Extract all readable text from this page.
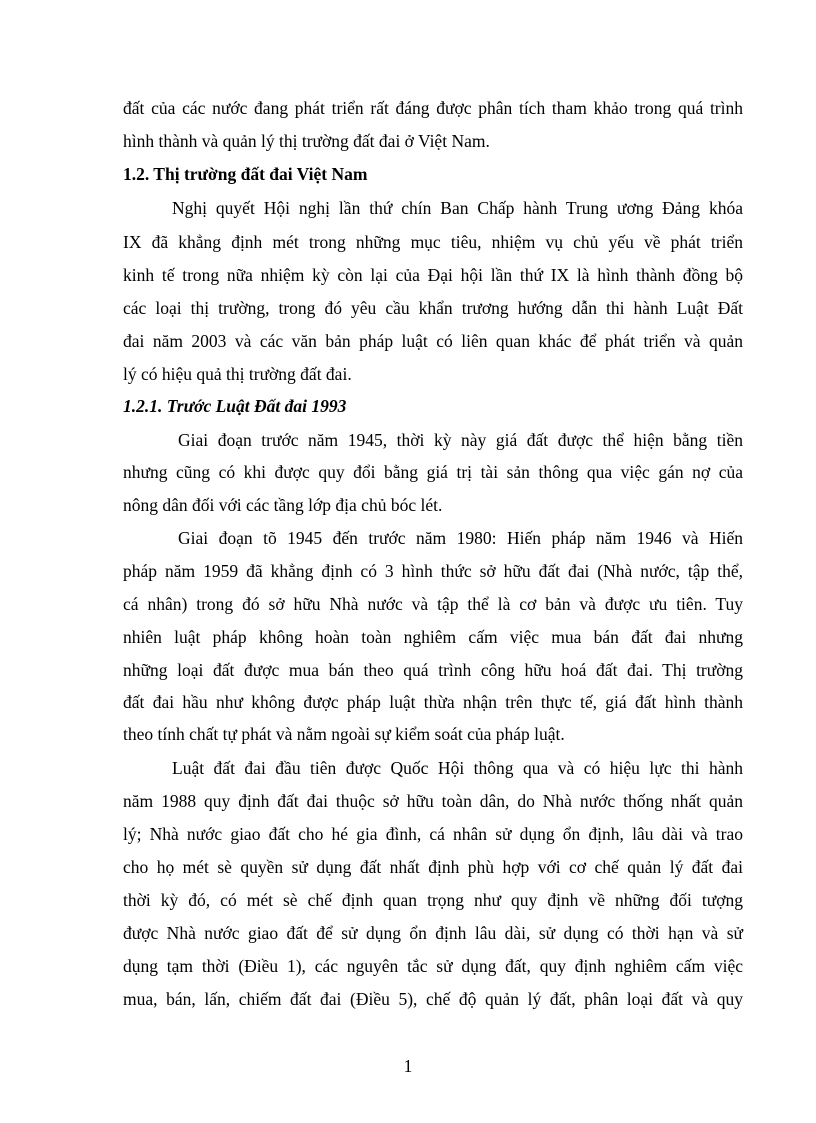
đất của các nước đang phát triển rất đáng được phân tích tham khảo trong quá trình
hình thành và quản lý thị trường đất đai ở Việt Nam.
1.2. Thị trường đất đai Việt Nam
Nghị quyết Hội nghị lần thứ chín Ban Chấp hành Trung ương Đảng khóa
IX đã khẳng định mét trong những mục tiêu, nhiệm vụ chủ yếu về phát triển
kinh tế trong nữa nhiệm kỳ còn lại của Đại hội lần thứ IX là hình thành đồng bộ
các loại thị trường, trong đó yêu cầu khẩn trương hướng dẫn thi hành Luật Đất
đai năm 2003 và các văn bản pháp luật có liên quan khác để phát triển và quản
lý có hiệu quả thị trường đất đai.
1.2.1. Trước Luật Đất đai 1993
Giai đoạn trước năm 1945, thời kỳ này giá đất được thể hiện bằng tiền
nhưng cũng có khi được quy đổi bằng giá trị tài sản thông qua việc gán nợ của
nông dân đối với các tầng lớp địa chủ bóc lét.
Giai đoạn tõ 1945 đến trước năm 1980: Hiến pháp năm 1946 và Hiến
pháp năm 1959 đã khẳng định có 3 hình thức sở hữu đất đai (Nhà nước, tập thể,
cá nhân) trong đó sở hữu Nhà nước và tập thể là cơ bản và được ưu tiên. Tuy
nhiên luật pháp không hoàn toàn nghiêm cấm việc mua bán đất đai nhưng
những loại đất được mua bán theo quá trình công hữu hoá đất đai. Thị trường
đất đai hầu như không được pháp luật thừa nhận trên thực tế, giá đất hình thành
theo tính chất tự phát và nằm ngoài sự kiểm soát của pháp luật.
Luật đất đai đầu tiên được Quốc Hội thông qua và có hiệu lực thi hành
năm 1988 quy định đất đai thuộc sở hữu toàn dân, do Nhà nước thống nhất quản
lý; Nhà nước giao đất cho hé gia đình, cá nhân sử dụng ổn định, lâu dài và trao
cho họ mét sè quyền sử dụng đất nhất định phù hợp với cơ chế quản lý đất đai
thời kỳ đó, có mét sè chế định quan trọng như quy định về những đối tượng
được Nhà nước giao đất để sử dụng ổn định lâu dài, sử dụng có thời hạn và sử
dụng tạm thời (Điều 1), các nguyên tắc sử dụng đất, quy định nghiêm cấm việc
mua, bán, lấn, chiếm đất đai (Điều 5), chế độ quản lý đất, phân loại đất và quy
1
